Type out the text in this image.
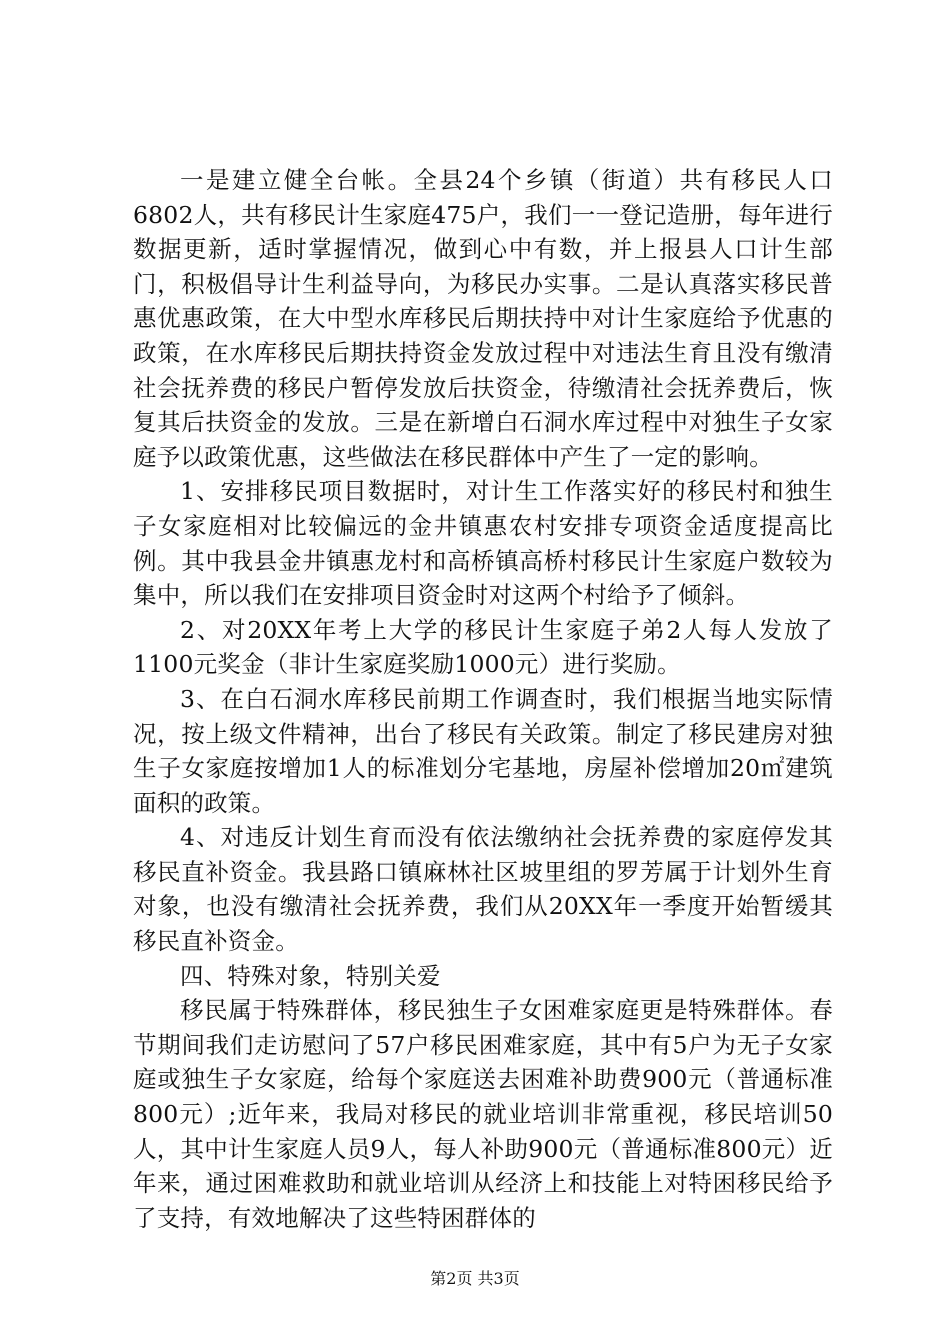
一是建立健全台帐。全县24个乡镇（街道）共有移民人口6802人，共有移民计生家庭475户，我们一一登记造册，每年进行数据更新，适时掌握情况，做到心中有数，并上报县人口计生部门，积极倡导计生利益导向，为移民办实事。二是认真落实移民普惠优惠政策，在大中型水库移民后期扶持中对计生家庭给予优惠的政策，在水库移民后期扶持资金发放过程中对违法生育且没有缴清社会抚养费的移民户暂停发放后扶资金，待缴清社会抚养费后，恢复其后扶资金的发放。三是在新增白石洞水库过程中对独生子女家庭予以政策优惠，这些做法在移民群体中产生了一定的影响。

1、安排移民项目数据时，对计生工作落实好的移民村和独生子女家庭相对比较偏远的金井镇惠农村安排专项资金适度提高比例。其中我县金井镇惠龙村和高桥镇高桥村移民计生家庭户数较为集中，所以我们在安排项目资金时对这两个村给予了倾斜。

2、对20XX年考上大学的移民计生家庭子弟2人每人发放了1100元奖金（非计生家庭奖励1000元）进行奖励。

3、在白石洞水库移民前期工作调查时，我们根据当地实际情况，按上级文件精神，出台了移民有关政策。制定了移民建房对独生子女家庭按增加1人的标准划分宅基地，房屋补偿增加20㎡建筑面积的政策。

4、对违反计划生育而没有依法缴纳社会抚养费的家庭停发其移民直补资金。我县路口镇麻林社区坡里组的罗芳属于计划外生育对象，也没有缴清社会抚养费，我们从20XX年一季度开始暂缓其移民直补资金。

四、特殊对象，特别关爱

移民属于特殊群体，移民独生子女困难家庭更是特殊群体。春节期间我们走访慰问了57户移民困难家庭，其中有5户为无子女家庭或独生子女家庭，给每个家庭送去困难补助费900元（普通标准800元）;近年来，我局对移民的就业培训非常重视，移民培训50人，其中计生家庭人员9人，每人补助900元（普通标准800元）近年来，通过困难救助和就业培训从经济上和技能上对特困移民给予了支持，有效地解决了这些特困群体的

第2页 共3页
